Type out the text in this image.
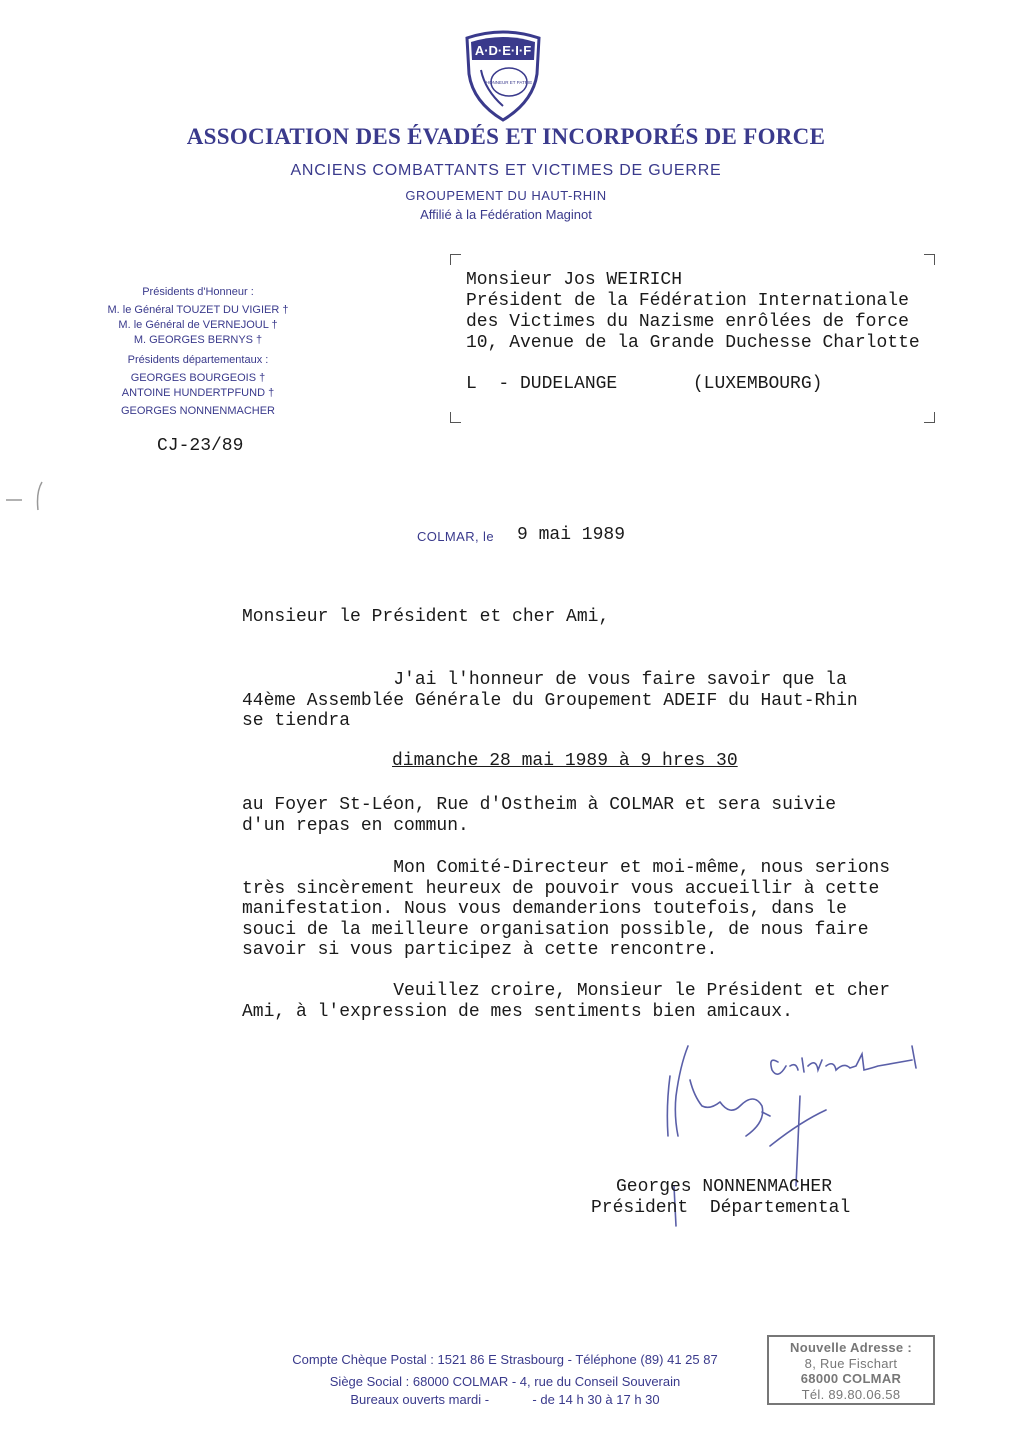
A·D·E·I·F
HONNEUR ET PATRIE
ASSOCIATION DES ÉVADÉS ET INCORPORÉS DE FORCE
ANCIENS COMBATTANTS ET VICTIMES DE GUERRE
GROUPEMENT DU HAUT-RHIN
Affilié à la Fédération Maginot
Présidents d'Honneur :
M. le Général TOUZET DU VIGIER †
M. le Général de VERNEJOUL †
M. GEORGES BERNYS †
Présidents départementaux :
GEORGES BOURGEOIS †
ANTOINE HUNDERTPFUND †
GEORGES NONNENMACHER
CJ-23/89
Monsieur Jos WEIRICH
Président de la Fédération Internationale
des Victimes du Nazisme enrôlées de force
10, Avenue de la Grande Duchesse Charlotte
L  - DUDELANGE       (LUXEMBOURG)
COLMAR, le 9 mai 1989
Monsieur le Président et cher Ami,
J'ai l'honneur de vous faire savoir que la
44ème Assemblée Générale du Groupement ADEIF du Haut-Rhin
se tiendra
dimanche 28 mai 1989 à 9 hres 30
au Foyer St-Léon, Rue d'Ostheim à COLMAR et sera suivie
d'un repas en commun.
Mon Comité-Directeur et moi-même, nous serions
très sincèrement heureux de pouvoir vous accueillir à cette
manifestation. Nous vous demanderions toutefois, dans le
souci de la meilleure organisation possible, de nous faire
savoir si vous participez à cette rencontre.
Veuillez croire, Monsieur le Président et cher
Ami, à l'expression de mes sentiments bien amicaux.
Georges NONNENMACHER
Président  Départemental
Compte Chèque Postal : 1521 86 E Strasbourg - Téléphone (89) 41 25 87
Siège Social : 68000 COLMAR - 4, rue du Conseil Souverain
Bureaux ouverts mardi -            - de 14 h 30 à 17 h 30
Nouvelle Adresse :
8, Rue Fischart
68000 COLMAR
Tél. 89.80.06.58
